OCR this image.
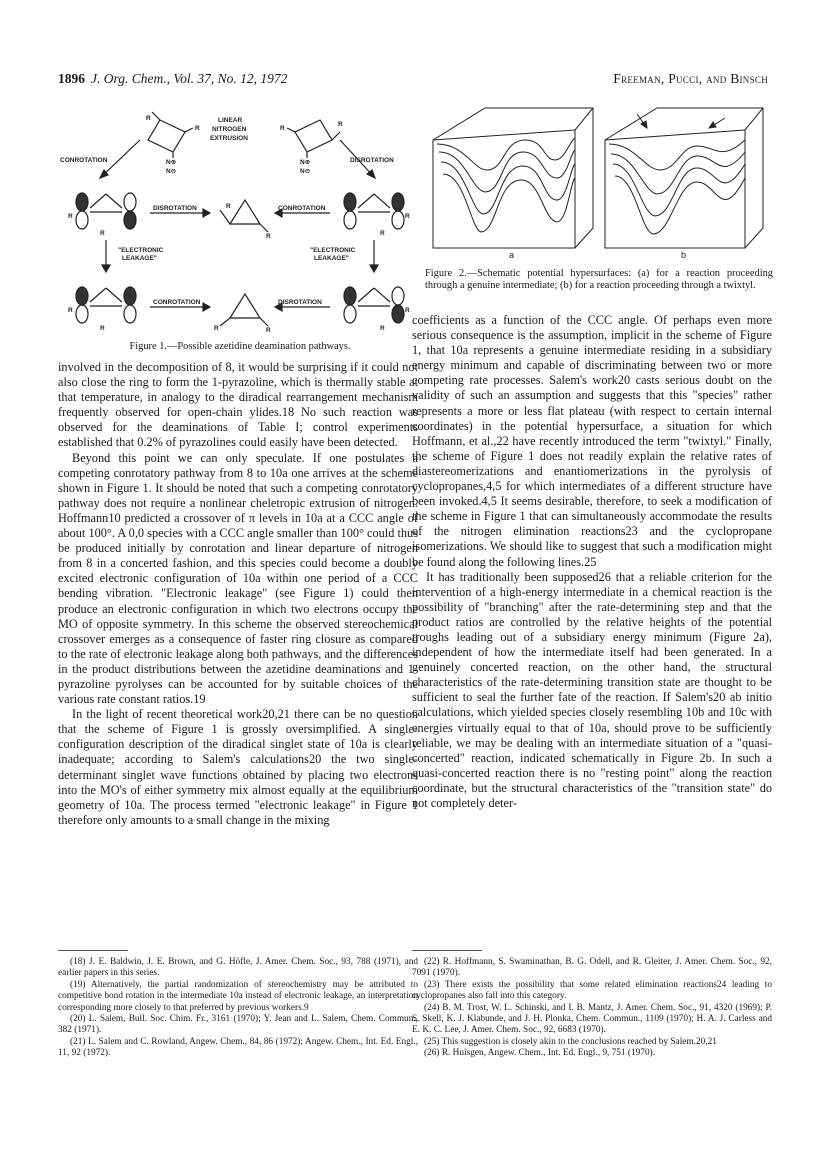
1896 J. Org. Chem., Vol. 37, No. 12, 1972	Freeman, Pucci, and Binsch
LINEAR
NITROGEN
EXTRUSION
CONROTATION	DISROTATION
DISROTATION	CONROTATION
"ELECTRONIC
LEAKAGE"
"ELECTRONIC
LEAKAGE"
CONROTATION	DISROTATION
N⊕
N⊖
N⊕
N⊖
R
R	R
R
R
R
R
R
R
R
R
R
R	R
R
R
Figure 1.—Possible azetidine deamination pathways.
a	b
Figure 2.—Schematic potential hypersurfaces: (a) for a reaction proceeding through a genuine intermediate; (b) for a reaction proceeding through a twixtyl.

involved in the decomposition of 8, it would be surprising if it could not also close the ring to form the 1-pyrazoline, which is thermally stable at that temperature, in analogy to the diradical rearrangement mechanism frequently observed for open-chain ylides.18 No such reaction was observed for the deaminations of Table I; control experiments established that 0.2% of pyrazolines could easily have been detected.

Beyond this point we can only speculate. If one postulates a competing conrotatory pathway from 8 to 10a one arrives at the scheme shown in Figure 1. It should be noted that such a competing conrotatory pathway does not require a nonlinear cheletropic extrusion of nitrogen. Hoffmann10 predicted a crossover of π levels in 10a at a CCC angle of about 100°. A 0,0 species with a CCC angle smaller than 100° could thus be produced initially by conrotation and linear departure of nitrogen from 8 in a concerted fashion, and this species could become a doubly excited electronic configuration of 10a within one period of a CCC bending vibration. "Electronic leakage" (see Figure 1) could then produce an electronic configuration in which two electrons occupy the MO of opposite symmetry. In this scheme the observed stereochemical crossover emerges as a consequence of faster ring closure as compared to the rate of electronic leakage along both pathways, and the differences in the product distributions between the azetidine deaminations and 1-pyrazoline pyrolyses can be accounted for by suitable choices of the various rate constant ratios.19

In the light of recent theoretical work20,21 there can be no question that the scheme of Figure 1 is grossly oversimplified. A single-configuration description of the diradical singlet state of 10a is clearly inadequate; according to Salem's calculations20 the two single-determinant singlet wave functions obtained by placing two electrons into the MO's of either symmetry mix almost equally at the equilibrium geometry of 10a. The process termed "electronic leakage" in Figure 1 therefore only amounts to a small change in the mixing

coefficients as a function of the CCC angle. Of perhaps even more serious consequence is the assumption, implicit in the scheme of Figure 1, that 10a represents a genuine intermediate residing in a subsidiary energy minimum and capable of discriminating between two or more competing rate processes. Salem's work20 casts serious doubt on the validity of such an assumption and suggests that this "species" rather represents a more or less flat plateau (with respect to certain internal coordinates) in the potential hypersurface, a situation for which Hoffmann, et al.,22 have recently introduced the term "twixtyl." Finally, the scheme of Figure 1 does not readily explain the relative rates of diastereomerizations and enantiomerizations in the pyrolysis of cyclopropanes,4,5 for which intermediates of a different structure have been invoked.4,5 It seems desirable, therefore, to seek a modification of the scheme in Figure 1 that can simultaneously accommodate the results of the nitrogen elimination reactions23 and the cyclopropane isomerizations. We should like to suggest that such a modification might be found along the following lines.25

It has traditionally been supposed26 that a reliable criterion for the intervention of a high-energy intermediate in a chemical reaction is the possibility of "branching" after the rate-determining step and that the product ratios are controlled by the relative heights of the potential troughs leading out of a subsidiary energy minimum (Figure 2a), independent of how the intermediate itself had been generated. In a genuinely concerted reaction, on the other hand, the structural characteristics of the rate-determining transition state are thought to be sufficient to seal the further fate of the reaction. If Salem's20 ab initio calculations, which yielded species closely resembling 10b and 10c with energies virtually equal to that of 10a, should prove to be sufficiently reliable, we may be dealing with an intermediate situation of a "quasi-concerted" reaction, indicated schematically in Figure 2b. In such a quasi-concerted reaction there is no "resting point" along the reaction coordinate, but the structural characteristics of the "transition state" do not completely deter-

(18) J. E. Baldwin, J. E. Brown, and G. Höfle, J. Amer. Chem. Soc., 93, 788 (1971), and earlier papers in this series.

(19) Alternatively, the partial randomization of stereochemistry may be attributed to competitive bond rotation in the intermediate 10a instead of electronic leakage, an interpretation corresponding more closely to that preferred by previous workers.9

(20) L. Salem, Bull. Soc. Chim. Fr., 3161 (1970); Y. Jean and L. Salem, Chem. Commun., 382 (1971).

(21) L. Salem and C. Rowland, Angew. Chem., 84, 86 (1972); Angew. Chem., Int. Ed. Engl., 11, 92 (1972).

(22) R. Hoffmann, S. Swaminathan, B. G. Odell, and R. Gleiter, J. Amer. Chem. Soc., 92, 7091 (1970).

(23) There exists the possibility that some related elimination reactions24 leading to cyclopropanes also fall into this category.

(24) B. M. Trost, W. L. Schinski, and I. B. Mantz, J. Amer. Chem. Soc., 91, 4320 (1969); P. S. Skell, K. J. Klabunde, and J. H. Plonka, Chem. Commun., 1109 (1970); H. A. J. Carless and E. K. C. Lee, J. Amer. Chem. Soc., 92, 6683 (1970).

(25) This suggestion is closely akin to the conclusions reached by Salem.20,21

(26) R. Huisgen, Angew. Chem., Int. Ed. Engl., 9, 751 (1970).
